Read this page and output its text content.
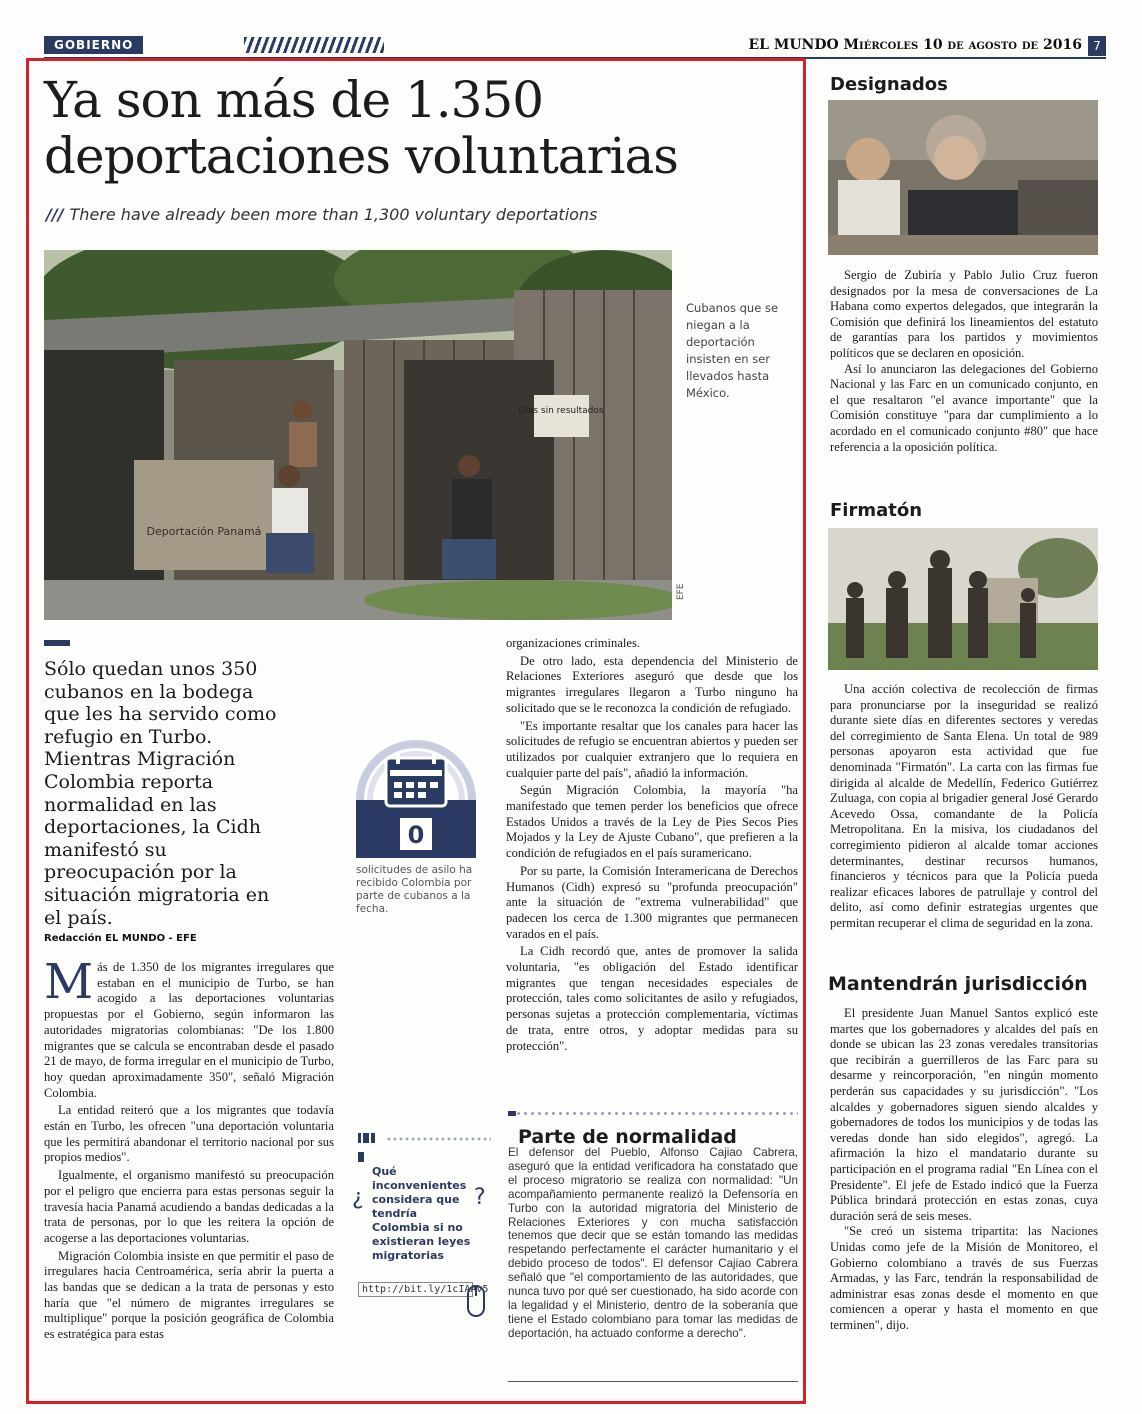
GOBIERNO	EL MUNDO Miércoles 10 de agosto de 2016 7
Ya son más de 1.350
deportaciones voluntarias
/// There have already been more than 1,300 voluntary deportations
Días sin resultados
Deportación Panamá
Cubanos que se niegan a la deportación insisten en ser llevados hasta México.
EFE
Sólo quedan unos 350 cubanos en la bodega que les ha servido como refugio en Turbo. Mientras Migración Colombia reporta normalidad en las deportaciones, la Cidh manifestó su preocupación por la situación migratoria en el país.
Redacción EL MUNDO - EFE

Más de 1.350 de los migrantes irregulares que estaban en el municipio de Turbo, se han acogido a las deportaciones voluntarias propuestas por el Gobierno, según informaron las autoridades migratorias colombianas: "De los 1.800 migrantes que se calcula se encontraban desde el pasado 21 de mayo, de forma irregular en el municipio de Turbo, hoy quedan aproximadamente 350", señaló Migración Colombia.

La entidad reiteró que a los migrantes que todavía están en Turbo, les ofrecen "una deportación voluntaria que les permitirá abandonar el territorio nacional por sus propios medios".

Igualmente, el organismo manifestó su preocupación por el peligro que encierra para estas personas seguir la travesía hacia Panamá acudiendo a bandas dedicadas a la trata de personas, por lo que les reitera la opción de acogerse a las deportaciones voluntarias.

Migración Colombia insiste en que permitir el paso de irregulares hacia Centroamérica, sería abrir la puerta a las bandas que se dedican a la trata de personas y esto haría que "el número de migrantes irregulares se multiplique" porque la posición geográfica de Colombia es estratégica para estas

organizaciones criminales.

De otro lado, esta dependencia del Ministerio de Relaciones Exteriores aseguró que desde que los migrantes irregulares llegaron a Turbo ninguno ha solicitado que se le reconozca la condición de refugiado.

"Es importante resaltar que los canales para hacer las solicitudes de refugio se encuentran abiertos y pueden ser utilizados por cualquier extranjero que lo requiera en cualquier parte del país", añadió la información.

Según Migración Colombia, la mayoría "ha manifestado que temen perder los beneficios que ofrece Estados Unidos a través de la Ley de Pies Secos Pies Mojados y la Ley de Ajuste Cubano", que prefieren a la condición de refugiados en el país suramericano.

Por su parte, la Comisión Interamericana de Derechos Humanos (Cidh) expresó su "profunda preocupación" ante la situación de "extrema vulnerabilidad" que padecen los cerca de 1.300 migrantes que permanecen varados en el país.

La Cidh recordó que, antes de promover la salida voluntaria, "es obligación del Estado identificar migrantes que tengan necesidades especiales de protección, tales como solicitantes de asilo y refugiados, personas sujetas a protección complementaria, víctimas de trata, entre otros, y adoptar medidas para su protección".

0
solicitudes de asilo ha recibido Colombia por parte de cubanos a la fecha.
¿
Qué inconvenientes considera que tendría Colombia si no existieran leyes migratorias
?
http://bit.ly/1cIAAv5
Parte de normalidad
El defensor del Pueblo, Alfonso Cajiao Cabrera, aseguró que la entidad verificadora ha constatado que el proceso migratorio se realiza con normalidad: "Un acompañamiento permanente realizó la Defensoría en Turbo con la autoridad migratoria del Ministerio de Relaciones Exteriores y con mucha satisfacción tenemos que decir que se están tomando las medidas respetando perfectamente el carácter humanitario y el debido proceso de todos". El defensor Cajiao Cabrera señaló que "el comportamiento de las autoridades, que nunca tuvo por qué ser cuestionado, ha sido acorde con la legalidad y el Ministerio, dentro de la soberanía que tiene el Estado colombiano para tomar las medidas de deportación, ha actuado conforme a derecho".
Designados

Sergio de Zubiría y Pablo Julio Cruz fueron designados por la mesa de conversaciones de La Habana como expertos delegados, que integrarán la Comisión que definirá los lineamientos del estatuto de garantías para los partidos y movimientos políticos que se declaren en oposición.

Así lo anunciaron las delegaciones del Gobierno Nacional y las Farc en un comunicado conjunto, en el que resaltaron "el avance importante" que la Comisión constituye "para dar cumplimiento a lo acordado en el comunicado conjunto #80" que hace referencia a la oposición política.

Firmatón

Una acción colectiva de recolección de firmas para pronunciarse por la inseguridad se realizó durante siete días en diferentes sectores y veredas del corregimiento de Santa Elena. Un total de 989 personas apoyaron esta actividad que fue denominada "Firmatón". La carta con las firmas fue dirigida al alcalde de Medellín, Federico Gutiérrez Zuluaga, con copia al brigadier general José Gerardo Acevedo Ossa, comandante de la Policía Metropolitana. En la misiva, los ciudadanos del corregimiento pidieron al alcalde tomar acciones determinantes, destinar recursos humanos, financieros y técnicos para que la Policía pueda realizar eficaces labores de patrullaje y control del delito, así como definir estrategias urgentes que permitan recuperar el clima de seguridad en la zona.

Mantendrán jurisdicción

El presidente Juan Manuel Santos explicó este martes que los gobernadores y alcaldes del país en donde se ubican las 23 zonas veredales transitorias que recibirán a guerrilleros de las Farc para su desarme y reincorporación, "en ningún momento perderán sus capacidades y su jurisdicción". "Los alcaldes y gobernadores siguen siendo alcaldes y gobernadores de todos los municipios y de todas las veredas donde han sido elegidos", agregó. La afirmación la hizo el mandatario durante su participación en el programa radial "En Línea con el Presidente". El jefe de Estado indicó que la Fuerza Pública brindará protección en estas zonas, cuya duración será de seis meses.

"Se creó un sistema tripartita: las Naciones Unidas como jefe de la Misión de Monitoreo, el Gobierno colombiano a través de sus Fuerzas Armadas, y las Farc, tendrán la responsabilidad de administrar esas zonas desde el momento en que comiencen a operar y hasta el momento en que terminen", dijo.
